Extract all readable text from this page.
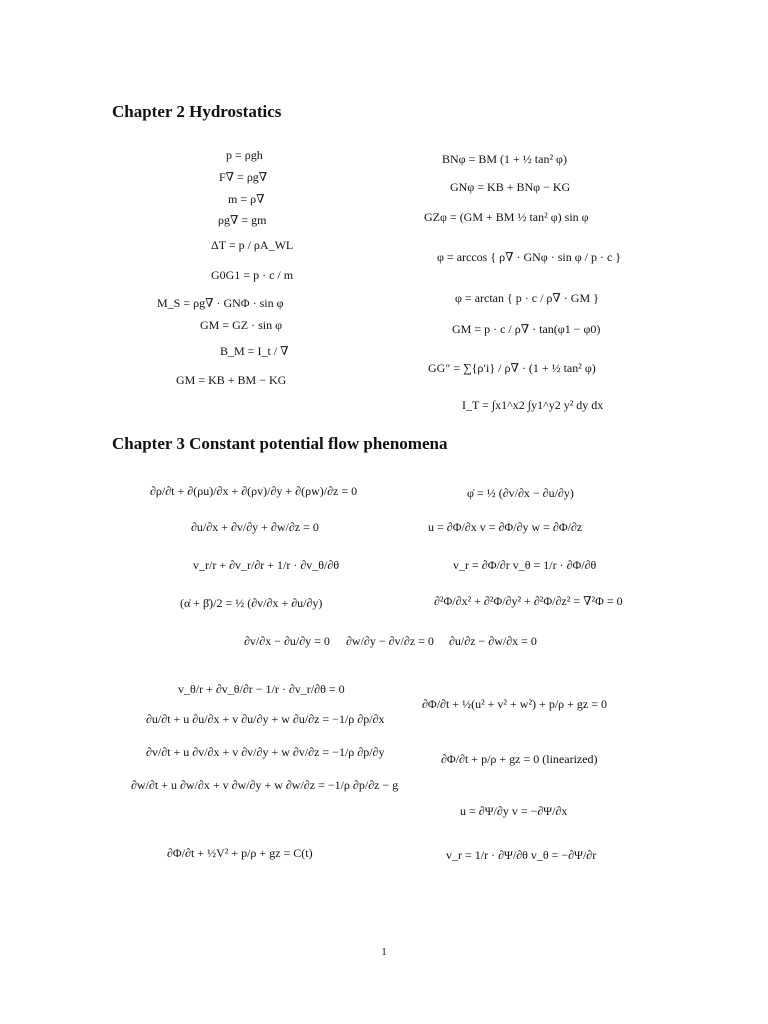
Chapter 2 Hydrostatics
p = ρgh
F∇ = ρg∇
m = ρ∇
ρg∇ = gm
ΔT = p / ρA_WL
G0G1 = p · c / m
M_S = ρg∇ · GNΦ · sin φ
GM = GZ · sin φ
B_M = I_t / ∇
GM = KB + BM − KG
BNφ = BM (1 + ½ tan² φ)
GNφ = KB + BNφ − KG
GZφ = (GM + BM ½ tan² φ) sin φ
φ = arccos { ρ∇ · GNφ · sin φ / p · c }
φ = arctan { p · c / ρ∇ · GM }
GM = p · c / ρ∇ · tan(φ1 − φ0)
GG″ = ∑{ρ′i} / ρ∇ · (1 + ½ tan² φ)
I_T = ∫x1^x2 ∫y1^y2 y² dy dx
Chapter 3 Constant potential flow phenomena
∂ρ/∂t + ∂(ρu)/∂x + ∂(ρv)/∂y + ∂(ρw)/∂z = 0
∂u/∂x + ∂v/∂y + ∂w/∂z = 0
v_r/r + ∂v_r/∂r + 1/r · ∂v_θ/∂θ
(α̇ + β̇)/2 = ½ (∂v/∂x + ∂u/∂y)
φ̇ = ½ (∂v/∂x − ∂u/∂y)
u = ∂Φ/∂x v = ∂Φ/∂y w = ∂Φ/∂z
v_r = ∂Φ/∂r v_θ = 1/r · ∂Φ/∂θ
∂²Φ/∂x² + ∂²Φ/∂y² + ∂²Φ/∂z² = ∇²Φ = 0
∂v/∂x − ∂u/∂y = 0 ∂w/∂y − ∂v/∂z = 0 ∂u/∂z − ∂w/∂x = 0
v_θ/r + ∂v_θ/∂r − 1/r · ∂v_r/∂θ = 0
∂u/∂t + u ∂u/∂x + v ∂u/∂y + w ∂u/∂z = −1/ρ ∂p/∂x
∂v/∂t + u ∂v/∂x + v ∂v/∂y + w ∂v/∂z = −1/ρ ∂p/∂y
∂w/∂t + u ∂w/∂x + v ∂w/∂y + w ∂w/∂z = −1/ρ ∂p/∂z − g
∂Φ/∂t + ½V² + p/ρ + gz = C(t)
∂Φ/∂t + ½(u² + v² + w²) + p/ρ + gz = 0
∂Φ/∂t + p/ρ + gz = 0 (linearized)
u = ∂Ψ/∂y v = −∂Ψ/∂x
v_r = 1/r · ∂Ψ/∂θ v_θ = −∂Ψ/∂r
1
